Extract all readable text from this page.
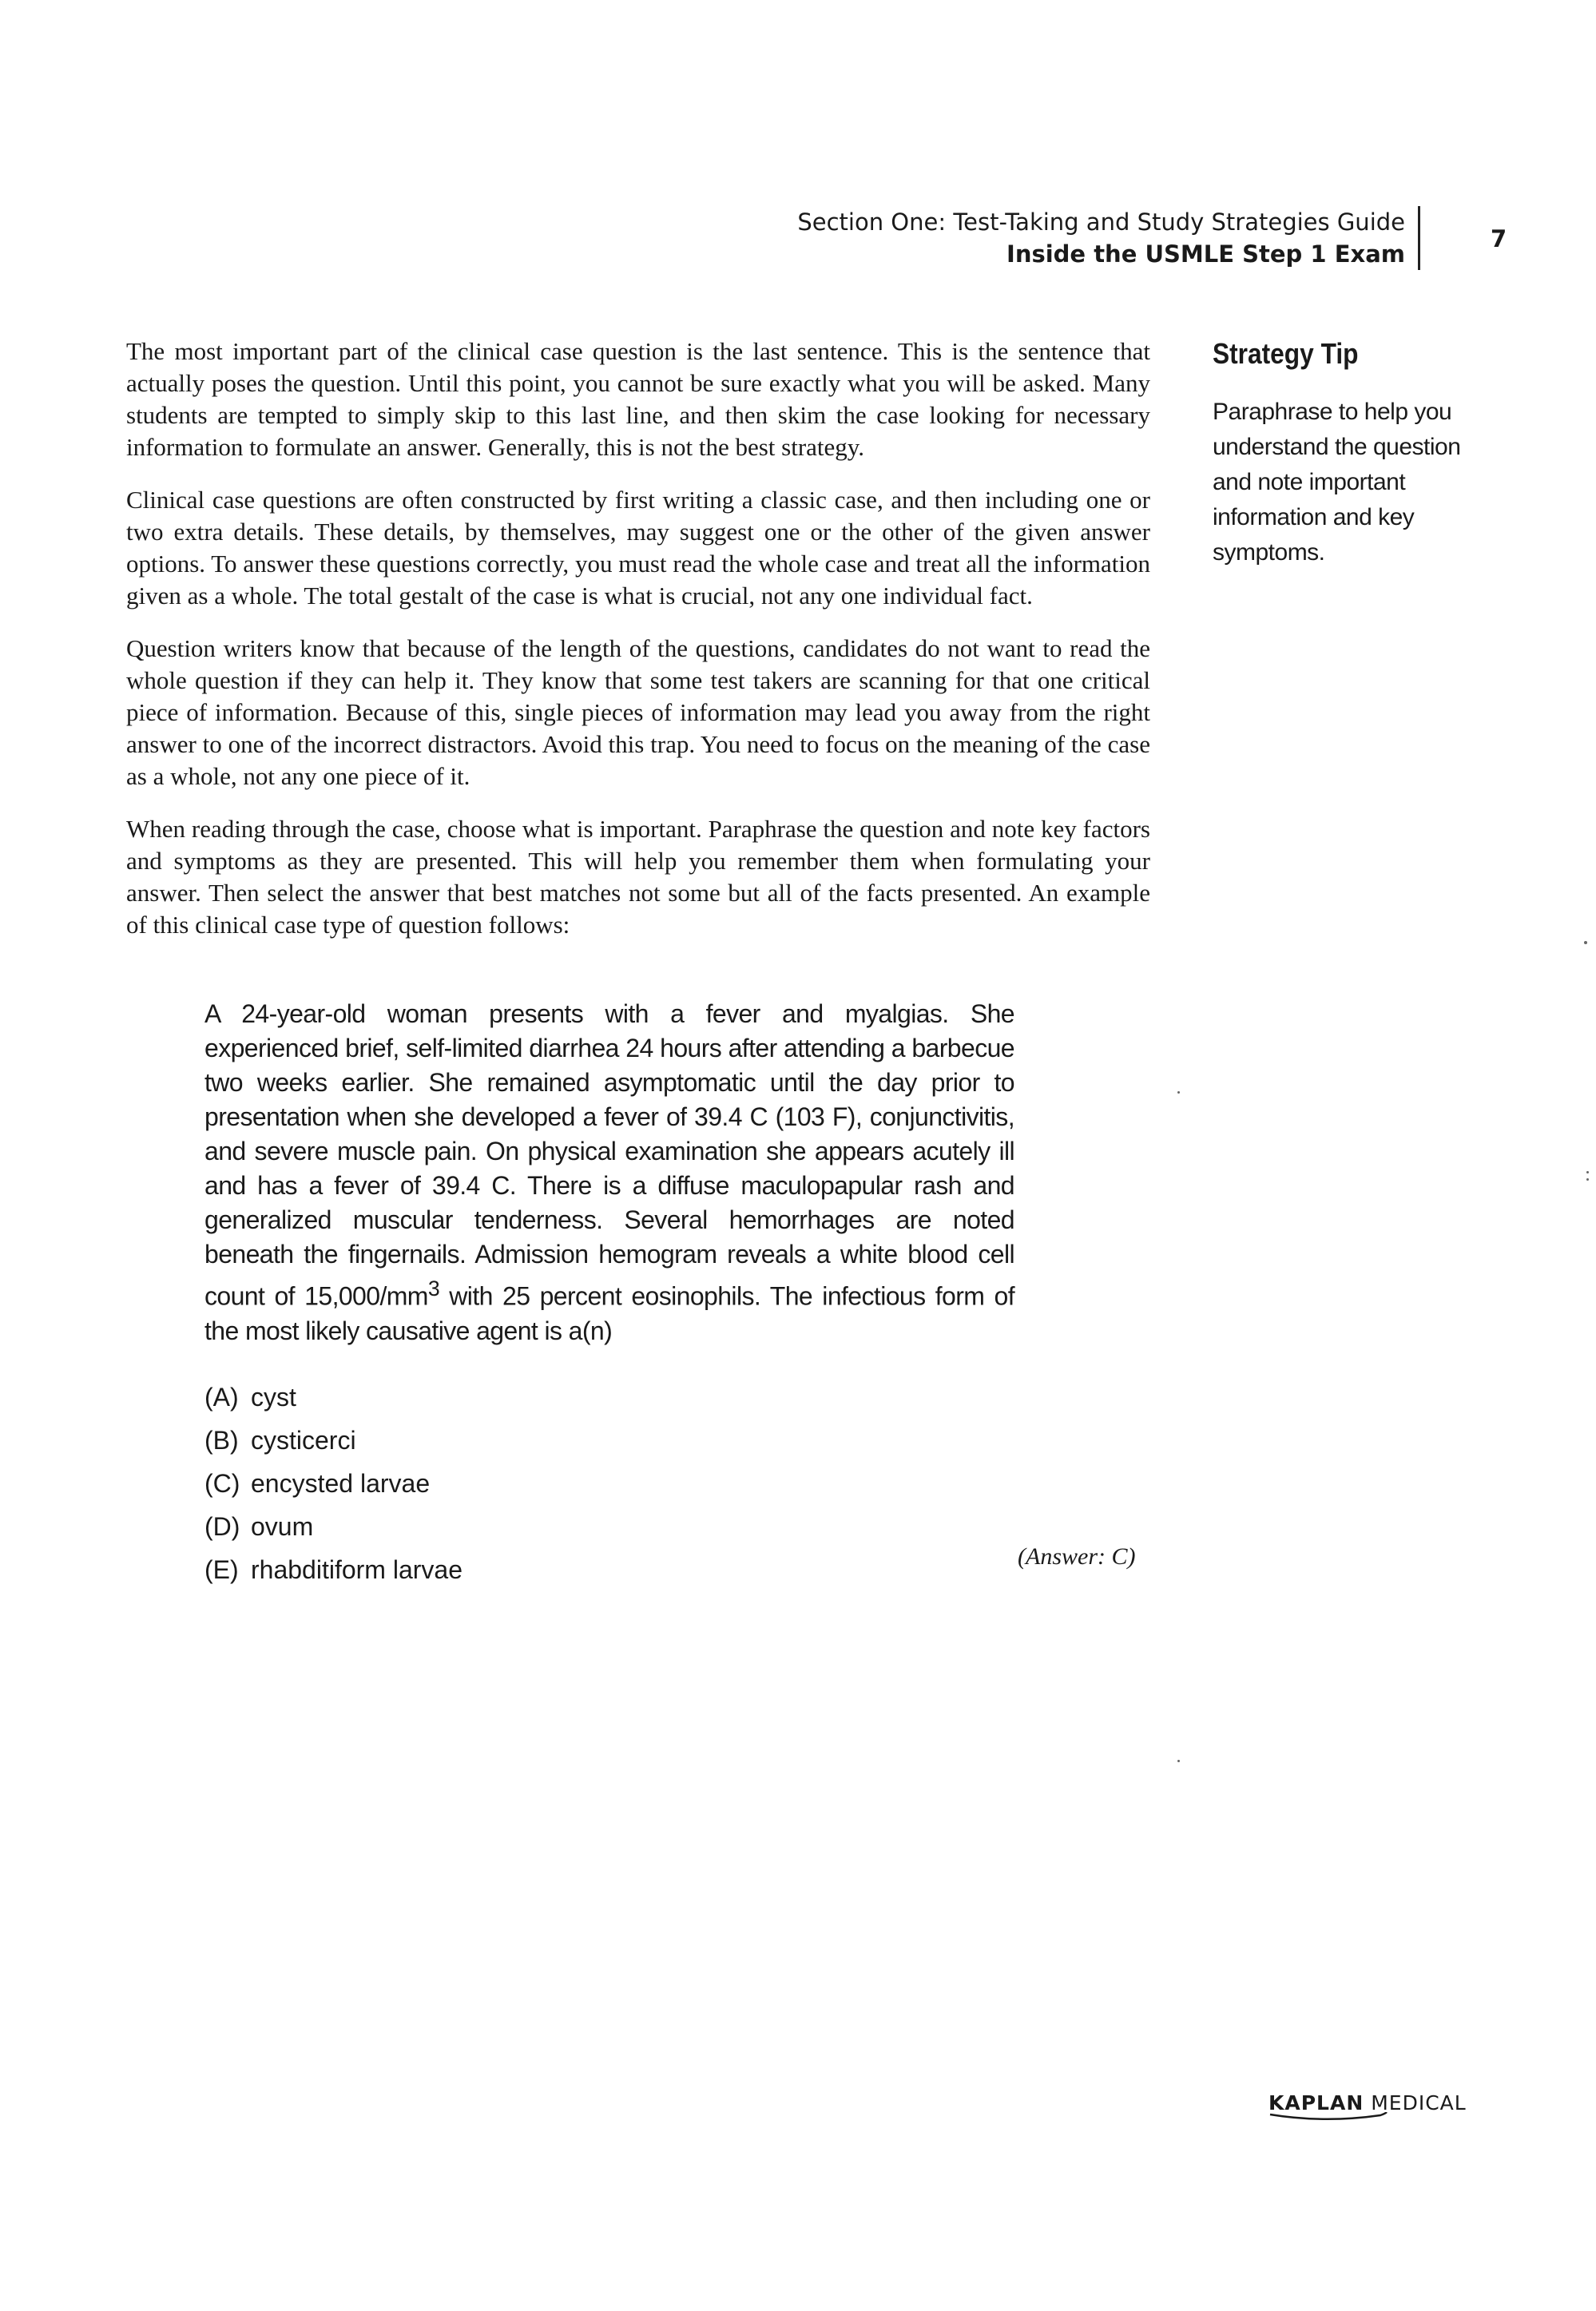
Section One: Test-Taking and Study Strategies Guide
Inside the USMLE Step 1 Exam
7

The most important part of the clinical case question is the last sentence. This is the sentence that actually poses the question. Until this point, you cannot be sure exactly what you will be asked. Many students are tempted to simply skip to this last line, and then skim the case looking for necessary information to formulate an answer. Generally, this is not the best strategy.

Clinical case questions are often constructed by first writing a classic case, and then including one or two extra details. These details, by themselves, may suggest one or the other of the given answer options. To answer these questions correctly, you must read the whole case and treat all the information given as a whole. The total gestalt of the case is what is crucial, not any one individual fact.

Question writers know that because of the length of the questions, candidates do not want to read the whole question if they can help it. They know that some test takers are scanning for that one critical piece of information. Because of this, single pieces of information may lead you away from the right answer to one of the incorrect distractors. Avoid this trap. You need to focus on the meaning of the case as a whole, not any one piece of it.

When reading through the case, choose what is important. Paraphrase the question and note key factors and symptoms as they are presented. This will help you remember them when formulating your answer. Then select the answer that best matches not some but all of the facts presented. An example of this clinical case type of question follows:

Strategy Tip

Paraphrase to help you understand the question and note important information and key symptoms.

A 24-year-old woman presents with a fever and myalgias. She experienced brief, self-limited diarrhea 24 hours after attending a barbecue two weeks earlier. She remained asymptomatic until the day prior to presentation when she developed a fever of 39.4 C (103 F), conjunctivitis, and severe muscle pain. On physical examination she appears acutely ill and has a fever of 39.4 C. There is a diffuse maculopapular rash and generalized muscular tenderness. Several hemorrhages are noted beneath the fingernails. Admission hemogram reveals a white blood cell count of $15,000/mm^3$ with 25 percent eosinophils. The infectious form of the most likely causative agent is a(n)

(A) cyst
(B) cysticerci
(C) encysted larvae
(D) ovum
(E) rhabditiform larvae	(Answer: C)
KAPLAN MEDICAL
